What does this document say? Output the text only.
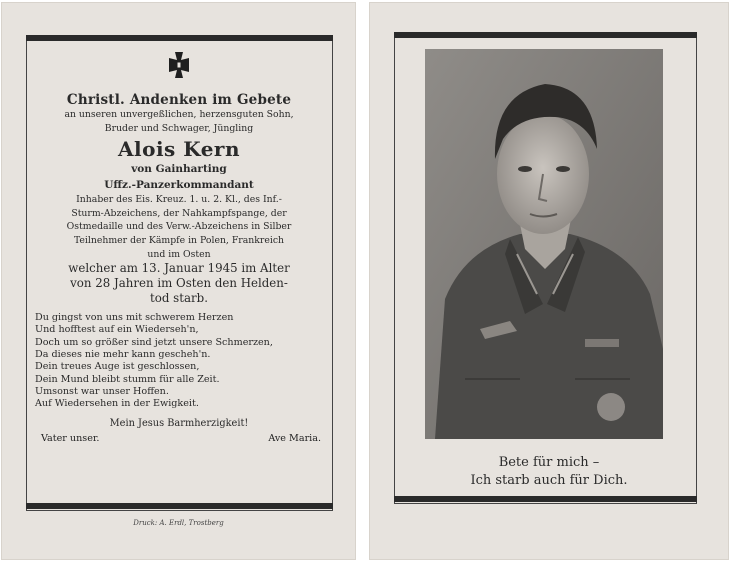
Christl. Andenken im Gebete
an unseren unvergeßlichen, herzensguten Sohn,
Bruder und Schwager, Jüngling
Alois Kern
von Gainharting
Uffz.-Panzerkommandant
Inhaber des Eis. Kreuz. 1. u. 2. Kl., des Inf.-
Sturm-Abzeichens, der Nahkampfspange, der
Ostmedaille und des Verw.-Abzeichens in Silber
Teilnehmer der Kämpfe in Polen, Frankreich
und im Osten
welcher am 13. Januar 1945 im Alter
von 28 Jahren im Osten den Helden-
tod starb.
Du gingst von uns mit schwerem Herzen
Und hofftest auf ein Wiederseh'n,
Doch um so größer sind jetzt unsere Schmerzen,
Da dieses nie mehr kann gescheh'n.
Dein treues Auge ist geschlossen,
Dein Mund bleibt stumm für alle Zeit.
Umsonst war unser Hoffen.
Auf Wiedersehen in der Ewigkeit.
Mein Jesus Barmherzigkeit!
Vater unser.	Ave Maria.
Druck: A. Erdl, Trostberg
Bete für mich –
Ich starb auch für Dich.
